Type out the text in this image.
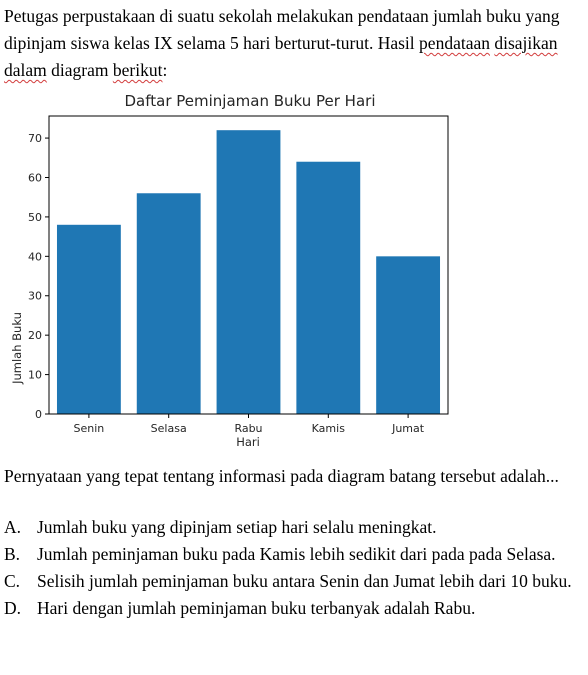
Petugas perpustakaan di suatu sekolah melakukan pendataan jumlah buku yang dipinjam siswa kelas IX selama 5 hari berturut-turut. Hasil pendataan disajikan dalam diagram berikut:

Daftar Peminjaman Buku Per Hari
0
10
20
30
40
50
60
70
Senin	Selasa	Rabu	Kamis	Jumat
Hari
Jumlah Buku

Pernyataan yang tepat tentang informasi pada diagram batang tersebut adalah...

A. Jumlah buku yang dipinjam setiap hari selalu meningkat.
B. Jumlah peminjaman buku pada Kamis lebih sedikit dari pada pada Selasa.
C. Selisih jumlah peminjaman buku antara Senin dan Jumat lebih dari 10 buku.
D. Hari dengan jumlah peminjaman buku terbanyak adalah Rabu.
